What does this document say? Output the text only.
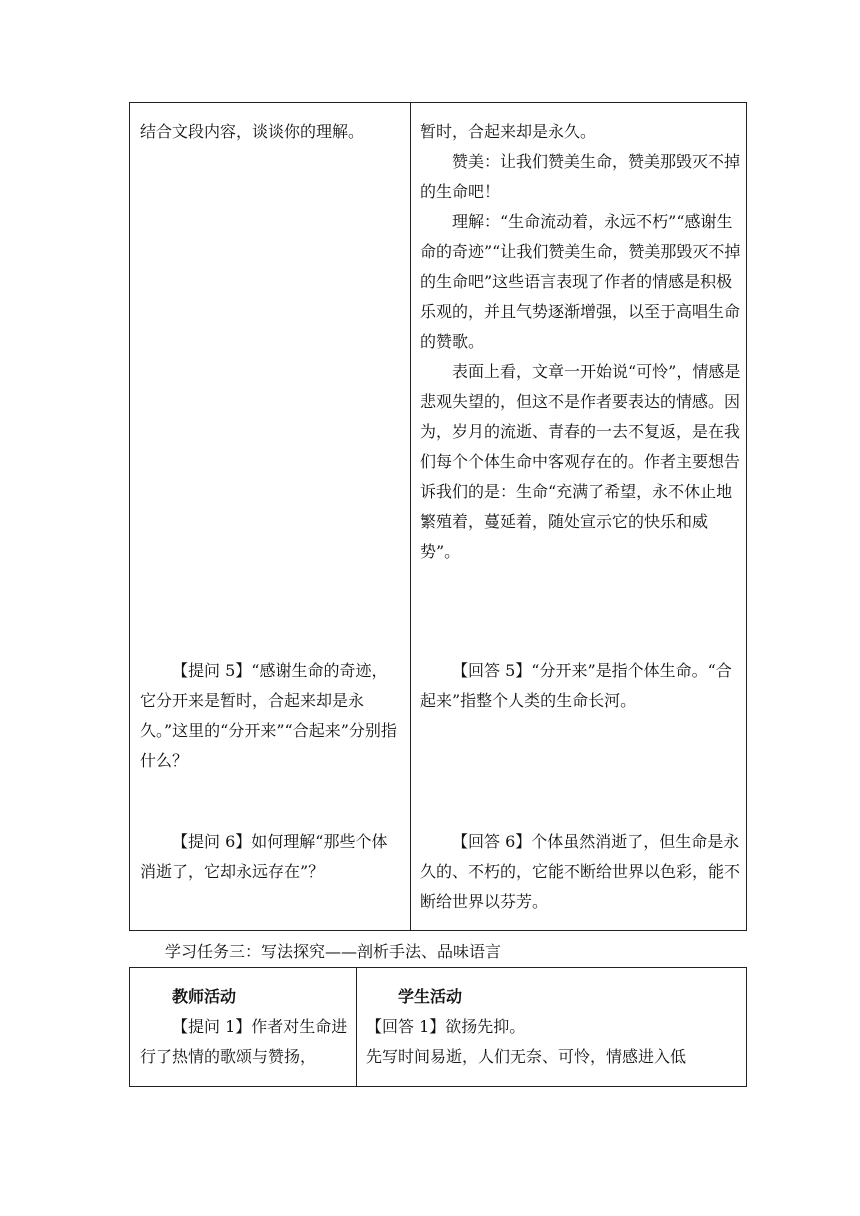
结合文段内容，谈谈你的理解。

【提问 5】“感谢生命的奇迹，它分开来是暂时，合起来却是永久。”这里的“分开来”“合起来”分别指什么？

【提问 6】如何理解“那些个体消逝了，它却永远存在”？

暂时，合起来却是永久。

赞美：让我们赞美生命，赞美那毁灭不掉的生命吧！

理解：“生命流动着，永远不朽”“感谢生命的奇迹”“让我们赞美生命，赞美那毁灭不掉的生命吧”这些语言表现了作者的情感是积极乐观的，并且气势逐渐增强，以至于高唱生命的赞歌。

表面上看，文章一开始说“可怜”，情感是悲观失望的，但这不是作者要表达的情感。因为，岁月的流逝、青春的一去不复返，是在我们每个个体生命中客观存在的。作者主要想告诉我们的是：生命“充满了希望，永不休止地繁殖着，蔓延着，随处宣示它的快乐和威势”。

【回答 5】“分开来”是指个体生命。“合起来”指整个人类的生命长河。

【回答 6】个体虽然消逝了，但生命是永久的、不朽的，它能不断给世界以色彩，能不断给世界以芬芳。

学习任务三：写法探究——剖析手法、品味语言

教师活动

【提问 1】作者对生命进行了热情的歌颂与赞扬，

学生活动

【回答 1】欲扬先抑。

先写时间易逝，人们无奈、可怜，情感进入低
